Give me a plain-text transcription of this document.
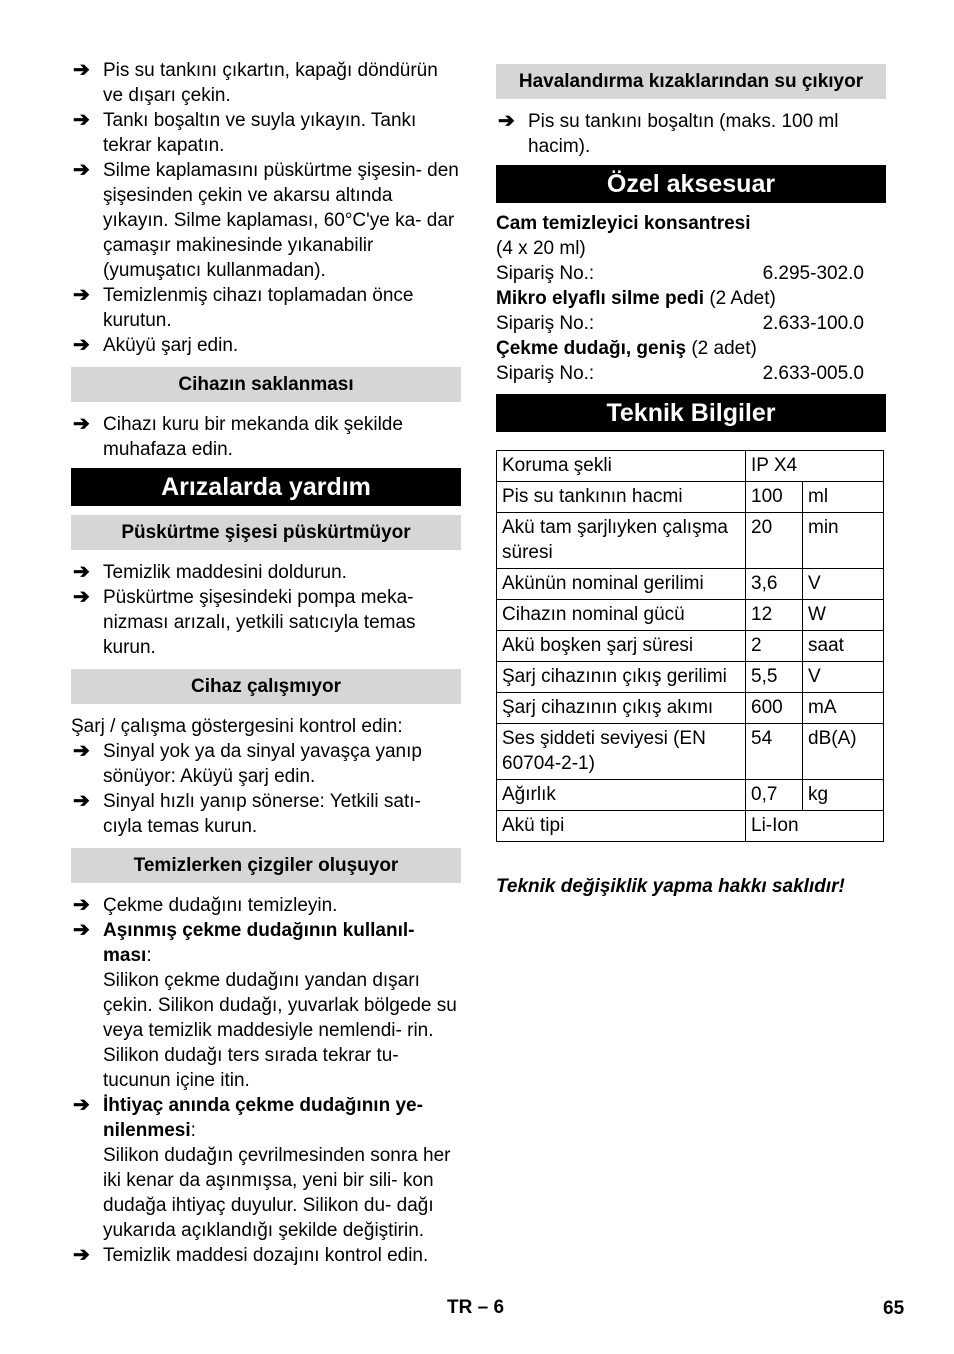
➔ Pis su tankını çıkartın, kapağı döndürün ve dışarı çekin.
➔ Tankı boşaltın ve suyla yıkayın. Tankı tekrar kapatın.
➔ Silme kaplamasını püskürtme şişesin- den şişesinden çekin ve akarsu altında yıkayın. Silme kaplaması, 60°C'ye ka- dar çamaşır makinesinde yıkanabilir (yumuşatıcı kullanmadan).
➔ Temizlenmiş cihazı toplamadan önce kurutun.
➔ Aküyü şarj edin.
Cihazın saklanması
➔ Cihazı kuru bir mekanda dik şekilde muhafaza edin.
Arızalarda yardım
Püskürtme şişesi püskürtmüyor
➔ Temizlik maddesini doldurun.
➔ Püskürtme şişesindeki pompa meka- nizması arızalı, yetkili satıcıyla temas kurun.
Cihaz çalışmıyor

Şarj / çalışma göstergesini kontrol edin:

➔ Sinyal yok ya da sinyal yavaşça yanıp sönüyor: Aküyü şarj edin.
➔ Sinyal hızlı yanıp sönerse: Yetkili satı- cıyla temas kurun.
Temizlerken çizgiler oluşuyor
➔ Çekme dudağını temizleyin.
➔ Aşınmış çekme dudağının kullanıl- ması:
Silikon çekme dudağını yandan dışarı çekin. Silikon dudağı, yuvarlak bölgede su veya temizlik maddesiyle nemlendi- rin. Silikon dudağı ters sırada tekrar tu- tucunun içine itin.
➔ İhtiyaç anında çekme dudağının ye- nilenmesi:
Silikon dudağın çevrilmesinden sonra her iki kenar da aşınmışsa, yeni bir sili- kon dudağa ihtiyaç duyulur. Silikon du- dağı yukarıda açıklandığı şekilde değiştirin.
➔ Temizlik maddesi dozajını kontrol edin.
Havalandırma kızaklarından su çıkıyor
➔ Pis su tankını boşaltın (maks. 100 ml hacim).
Özel aksesuar
Cam temizleyici konsantresi
(4 x 20 ml)
Sipariş No.:	6.295-302.0
Mikro elyaflı silme pedi (2 Adet)
Sipariş No.:	2.633-100.0
Çekme dudağı, geniş (2 adet)
Sipariş No.:	2.633-005.0
Teknik Bilgiler
Koruma şekli	IP X4	
Pis su tankının hacmi	100	ml
Akü tam şarjlıyken çalışma süresi	20	min
Akünün nominal gerilimi	3,6	V
Cihazın nominal gücü	12	W
Akü boşken şarj süresi	2	saat
Şarj cihazının çıkış gerilimi	5,5	V
Şarj cihazının çıkış akımı	600	mA
Ses şiddeti seviyesi (EN 60704-2-1)	54	dB(A)
Ağırlık	0,7	kg
Akü tipi	Li-Ion	
Teknik değişiklik yapma hakkı saklıdır!
TR – 6	65
